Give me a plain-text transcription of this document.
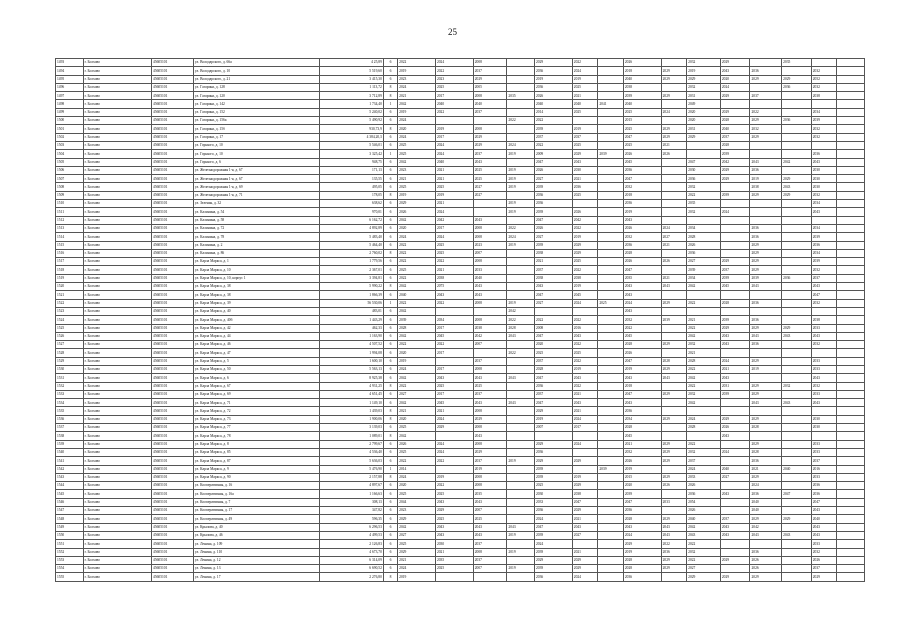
25
1493	г. Болхово	45605101	ул. Володарского, д. 66а	4 25,89	6	2022	2024	2008		2029	2022		2026		2032	2029		2035		
1494	г. Болхово	45605101	ул. Володарского, д. 10	5 519,60	6	2019	2022	2037		2036	2024		2018	2029	2019	2043	2036		2032	
1495	г. Болхово	45605101	ул. Володарского, д. 21	3 415,30	6	2023	2023	2029		2019	2019		2040	2029	2029	2020	2029	2029	2052	
1496	г. Болхово	45605101	ул. Гагарина, д. 128	1 113,72	8	2024	2025	2005		2036	2025		2038		2032	2024		2036	2032	
1497	г. Болхово	45605101	ул. Гагарина, д. 120	3 712,89	8	2021	2017	2008	2035	2026	2021		2039	2029	2031	2029	2037		2038	
1498	г. Болхово	45605101	ул. Гагарина, д. 142	1 734,40	1	2042	2040	2040		2040	2040	2041	2040		2049					
1499	г. Болхово	45605101	ул. Гагарина, д. 152	5 240,02	6	2019	2022	2037		2014	2025		2025	2024	2020	2029	2022		2034	
1500	г. Болхово	45605101	ул. Гагарина, д. 156а	5 490,92	6	2024			2022	2022			2015		2020	2028	2029	2036	2039	
1501	г. Болхово	45605101	ул. Гагарина, д. 15б	930,73,9	8	2020	2019	2008		2039	2019		2025	2029	2031	2040	2032		2032	
1502	г. Болхово	45605101	ул. Гагарина, д. 17	4 384,20,3	6	2024	2017	2029		2037	2037		2047	2029	2029	2037	2029		2032	
1503	г. Болхово	45605101	ул. Горького, д. 10	5 546,01	6	2025	2024	2029	2024	2022	2025		2025	2021		2028				
1504	г. Болхово	45605101	ул. Горького, д. 10	3 325,42	1	2025	2024	2037	2019	2009	2029	2039	2026	2026		2039			2036	
1505	г. Болхово	45605101	ул. Горького, д. 6	948,75	6	2042	2040	2043		2047	2043		2045		2047	2042	2043	2042	2043	
1506	г. Болхово	45605101	ул. Железнодорожная 1-я, д. 67	171,13	6	2023	2021	2025	2019	2026	2030		2036		2030	2029	2036		2030	
1507	г. Болхово	45605101	ул. Железнодорожная 1-я, д. 67	135,55	6	2021	2021	2025	2019	2027	2021		2047		2036	2029	2019	2029	2030	
1508	г. Болхово	45605101	ул. Железнодорожная 1-я, д. 69	495,05	6	2025	2025	2027	2019	2039	2036		2032		2032		2038	2043	2030	
1509	г. Болхово	45605101	ул. Железнодорожная 1-я, д. 71	178,05	8	2019	2019	2027		2036	2025		2018		2022	2039	2029	2029	2032	
1510	г. Болхово	45605101	ул. Зеленая, д. 32	638,62	6	2029	2021		2019	2036			2036		2035				2034	
1511	г. Болхово	45605101	ул. Калинина, д. 54	970,01	6	2026	2024		2019	2039	2026		2019		2032	2024			2043	
1512	г. Болхово	45605101	ул. Калинина, д. 58	6 162,72	6	2042	2042	2043		2047	2042		2043							
1513	г. Болхово	45605101	ул. Калинина, д. 72	4 892,89	6	2020	2017	2008	2022	2026	2022		2026	2024	2034		2036		2034	
1514	г. Болхово	45605101	ул. Калинина, д. 78	5 483,40	6	2024	2024	2008	2024	2027	2019		2032	2027	2028		2036		2039	
1515	г. Болхово	45605101	ул. Калинина, д. 2	5 464,40	6	2022	2025	2023	2019	2039	2029		2036	2021	2026		2029		2036	
1516	г. Болхово	45605101	ул. Калинина, д. 86	2 760,02	8	2022	2025	2007		2038	2029		2028		2036		2029		2034	
1517	г. Болхово	45605101	ул. Карла Маркса, д. 1	1 779,56	6	2022	2022	2008		2021	2025		2026	2026	2027	2029	2029		2039	
1518	г. Болхово	45605101	ул. Карла Маркса, д. 10	2 367,01	6	2025	2021	2033		2037	2022		2047		2039	2037	2029		2032	
1519	г. Болхово	45605101	ул. Карла Маркса, д. 10, корпус 1	3 394,81	6	2022	2038	2040		2038	2038		2035	2021	2034	2039	2039	2036	2037	
1520	г. Болхово	45605101	ул. Карла Маркса, д. 38	5 990,22	8	2042	2075	2043		2043	2019		2043	2043	2042	2045	2043		2043	
1521	г. Болхово	45605101	ул. Карла Маркса, д. 38	1 866,39	6	2040	2043	2043		2047	2045		2043						2047	
1522	г. Болхово	45605101	ул. Карла Маркса, д. 39	56 530,06	1	2022	2022	2008	2019	2027	2024	2025	2024	2029	2022	2028	2036		2032	
1523	г. Болхово	45605101	ул. Карла Маркса, д. 40	483,01	6	2042			2042				2043							
1524	г. Болхово	45605101	ул. Карла Маркса, д. 40б	1 443,29	6	2039	2034	2008	2022	2022	2022		2032	2039	2021	2039	2036		2038	
1525	г. Болхово	45605101	ул. Карла Маркса, д. 42	462,33	6	2028	2017	2038	2028	2008	2016		2022		2022	2029	2029	2029	2033	
1526	г. Болхово	45605101	ул. Карла Маркса, д. 44	1 163,90	6	2042	2045	2042	2043	2047	2043		2045		2042	2043	2043	2043	2043	
1527	г. Болхово	45605101	ул. Карла Маркса, д. 46	4 507,52	6	2022	2022	2007		2020	2022		2028	2029	2032	2043	2036		2032	
1528	г. Болхово	45605101	ул. Карла Маркса, д. 47	1 994,08	6	2020	2017		2022	2025	2025		2026		2021					
1529	г. Болхово	45605101	ул. Карла Маркса, д. 5	1 600,10	6	2019		2037		2037	2022		2047	2028	2028	2024	2029		2033	
1530	г. Болхово	45605101	ул. Карла Маркса, д. 50	5 563,13	6	2024	2017	2008		2028	2019		2019	2029	2022	2021	2019		2033	
1531	г. Болхово	45605101	ул. Карла Маркса, д. 6	8 925,38	6	2042	2043	2043	2043	2047	2043		2043	2043	2042	2043			2043	
1532	г. Болхово	45605101	ул. Карла Маркса, д. 67	4 931,25	8	2022	2025	2025		2036	2022		2018		2022	2031	2029	2032	2032	
1533	г. Болхово	45605101	ул. Карла Маркса, д. 69	4 651,45	6	2027	2017	2037		2037	2021		2047	2029	2032	2039	2029		2033	
1534	г. Болхово	45605101	ул. Карла Маркса, д. 71	1 149,10	6	2042	2045	2043	2043	2047	2043		2043		2042		2043	2043	2043	
1535	г. Болхово	45605101	ул. Карла Маркса, д. 72	1 439,03	8	2021	2021	2008		2029	2021		2036							
1536	г. Болхово	45605101	ул. Карла Маркса, д. 73	1 900,06	8	2020	2024	2029		2019	2024		2034	2029	2024	2029	2029		2030	
1537	г. Болхово	45605101	ул. Карла Маркса, д. 77	3 139,03	6	2025	2029	2008		2007	2017		2028		2028	2026	2028		2030	
1538	г. Болхово	45605101	ул. Карла Маркса, д. 78	1 089,01	8	2042		2043					2045			2043				
1539	г. Болхово	45605101	ул. Карла Маркса, д. 8	2 799,67	6	2026	2024	2008		2029	2024		2021	2029	2022		2029		2033	
1540	г. Болхово	45605101	ул. Карла Маркса, д. 85	4 536,40	6	2025	2024	2029		2036			2032	2029	2032	2024	2028		2033	
1541	г. Болхово	45605101	ул. Карла Маркса, д. 87	5 636,03	6	2022	2022	2037	2019	2029	2029		2026	2029	2037		2036		2037	
1542	г. Болхово	45605101	ул. Карла Маркса, д. 9	5 476,90	1	2014		2019		2039		2039	2019		2024	2040	2021	2040	2016	
1543	г. Болхово	45605101	ул. Карла Маркса, д. 90	2 157,88	8	2024	2019	2008		2039	2019		2015	2029	2033	2027	2029		2033	
1544	г. Болхово	45605101	ул. Кооперативная, д. 16	4 897,67	6	2020	2022	2008		2025	2029		2020	2026	2026		2024		2036	
1545	г. Болхово	45605101	ул. Кооперативная, д. 16а	1 166,63	6	2025	2025	2035		2030	2038		2039		2036	2043	2036	2047	2036	
1546	г. Болхово	45605101	ул. Кооперативная, д. 7	308,13	6	2044	2043	2043		2033	2047		2047	2033	2054		2040		2047	
1547	г. Болхово	45605101	ул. Кооперативная, д. 17	347,82	6	2023	2029	2007		2036	2029		2036		2026		2040		2043	
1548	г. Болхово	45605101	ул. Кооперативная, д. 49	596,35	6	2029	2025	2025		2024	2021		2028	2029	2040	2037	2029	2029	2040	
1549	г. Болхово	45605101	ул. Крылова, д. 40	6 296,53	6	2042	2043	2043	2043	2047	2043		2043	2043	2042	2043	2042		2043	
1550	г. Болхово	45605101	ул. Крылова, д. 46	4 499,53	6	2027	2043	2043	2019	2039	2027		2024	2043	2043	2043	2043	2043	2043	
1551	г. Болхово	45605101	ул. Ленина, д. 109	2 126,83	6	2025	2030	2037		2024			2029	2022	2022				2033	
1552	г. Болхово	45605101	ул. Ленина, д. 110	4 673,70	6	2029	2021	2008	2019	2039	2021		2019	2036	2032		2036		2032	
1553	г. Болхово	45605101	ул. Ленина, д. 12	6 314,09	6	2021	2035	2037		2029	2029		2028	2029	2022	2029	2026		2026	
1554	г. Болхово	45605101	ул. Ленина, д. 13	6 690,52	6	2024	2025	2007	2019	2039	2029		2028	2029	2027		2026		2037	
1555	г. Болхово	45605101	ул. Ленина, д. 17	2 276,80	8	2019				2036	2024		2036		2029	2029	2029		2029	
